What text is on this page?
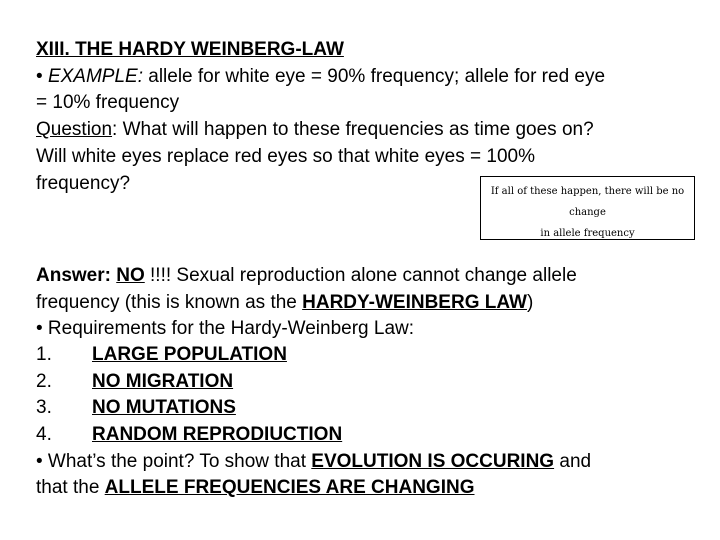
XIII. THE HARDY WEINBERG-LAW
• EXAMPLE: allele for white eye = 90% frequency; allele for red eye
= 10% frequency
Question: What will happen to these frequencies as time goes on?
Will white eyes replace red eyes so that white eyes = 100%
frequency?	If all of these happen, there will be no change
in allele frequency
Answer: NO !!!! Sexual reproduction alone cannot change allele
frequency (this is known as the HARDY-WEINBERG LAW)
• Requirements for the Hardy-Weinberg Law:
1. LARGE POPULATION
2. NO MIGRATION
3. NO MUTATIONS
4. RANDOM REPRODIUCTION
• What’s the point? To show that EVOLUTION IS OCCURING and
that the ALLELE FREQUENCIES ARE CHANGING
